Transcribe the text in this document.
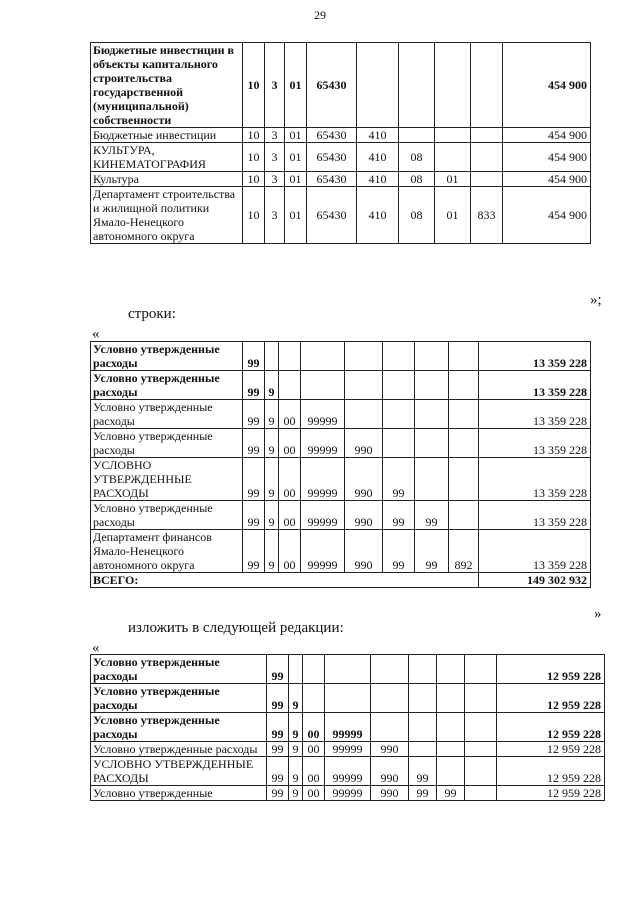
29
Бюджетные инвестиции в объекты капитального строительства государственной (муниципальной) собственности	10	3	01	65430					454 900
Бюджетные инвестиции	10	3	01	65430	410				454 900
КУЛЬТУРА, КИНЕМАТОГРАФИЯ	10	3	01	65430	410	08			454 900
Культура	10	3	01	65430	410	08	01		454 900
Департамент строительства и жилищной политики Ямало-Ненецкого автономного округа	10	3	01	65430	410	08	01	833	454 900
»;
строки:
«
Условно утвержденные расходы	99								13 359 228
Условно утвержденные расходы	99	9							13 359 228
Условно утвержденные расходы	99	9	00	99999					13 359 228
Условно утвержденные расходы	99	9	00	99999	990				13 359 228
УСЛОВНО УТВЕРЖДЕННЫЕ РАСХОДЫ	99	9	00	99999	990	99			13 359 228
Условно утвержденные расходы	99	9	00	99999	990	99	99		13 359 228
Департамент финансов Ямало-Ненецкого автономного округа	99	9	00	99999	990	99	99	892	13 359 228
ВСЕГО:									149 302 932
»
изложить в следующей редакции:
«
Условно утвержденные расходы	99								12 959 228
Условно утвержденные расходы	99	9							12 959 228
Условно утвержденные расходы	99	9	00	99999					12 959 228
Условно утвержденные расходы	99	9	00	99999	990				12 959 228
УСЛОВНО УТВЕРЖДЕННЫЕ РАСХОДЫ	99	9	00	99999	990	99			12 959 228
Условно утвержденные	99	9	00	99999	990	99	99		12 959 228
